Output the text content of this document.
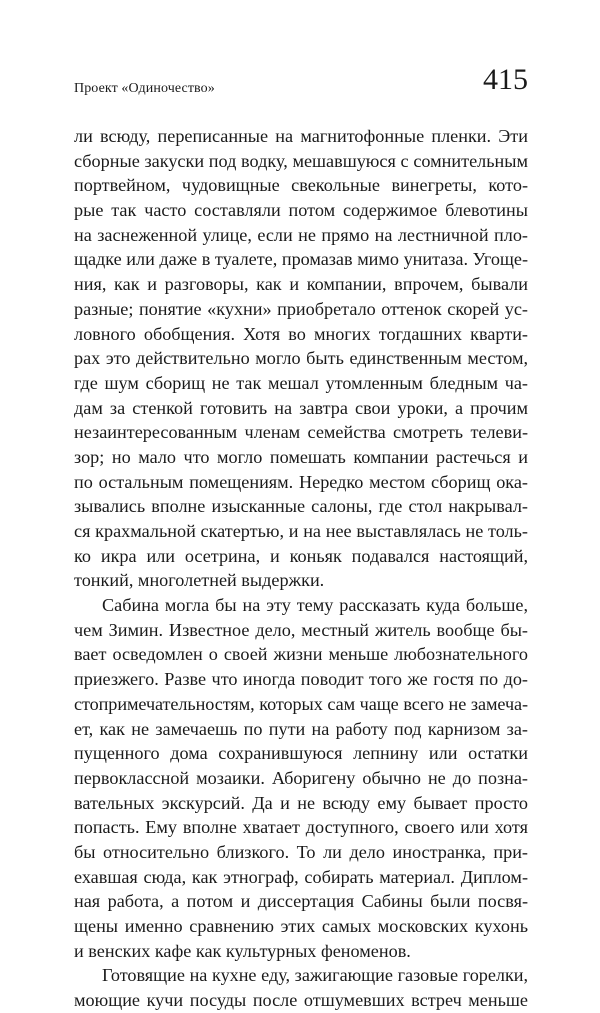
Проект «Одиночество»	415
ли всюду, переписанные на магнитофонные пленки. Эти
сборные закуски под водку, мешавшуюся с сомнительным
портвейном, чудовищные свекольные винегреты, кото-
рые так часто составляли потом содержимое блевотины
на заснеженной улице, если не прямо на лестничной пло-
щадке или даже в туалете, промазав мимо унитаза. Угоще-
ния, как и разговоры, как и компании, впрочем, бывали
разные; понятие «кухни» приобретало оттенок скорей ус-
ловного обобщения. Хотя во многих тогдашних кварти-
рах это действительно могло быть единственным местом,
где шум сборищ не так мешал утомленным бледным ча-
дам за стенкой готовить на завтра свои уроки, а прочим
незаинтересованным членам семейства смотреть телеви-
зор; но мало что могло помешать компании растечься и
по остальным помещениям. Нередко местом сборищ ока-
зывались вполне изысканные салоны, где стол накрывал-
ся крахмальной скатертью, и на нее выставлялась не толь-
ко икра или осетрина, и коньяк подавался настоящий,
тонкий, многолетней выдержки.
Сабина могла бы на эту тему рассказать куда больше,
чем Зимин. Известное дело, местный житель вообще бы-
вает осведомлен о своей жизни меньше любознательного
приезжего. Разве что иногда поводит того же гостя по до-
стопримечательностям, которых сам чаще всего не замеча-
ет, как не замечаешь по пути на работу под карнизом за-
пущенного дома сохранившуюся лепнину или остатки
первоклассной мозаики. Аборигену обычно не до позна-
вательных экскурсий. Да и не всюду ему бывает просто
попасть. Ему вполне хватает доступного, своего или хотя
бы относительно близкого. То ли дело иностранка, при-
ехавшая сюда, как этнограф, собирать материал. Диплом-
ная работа, а потом и диссертация Сабины были посвя-
щены именно сравнению этих самых московских кухонь
и венских кафе как культурных феноменов.
Готовящие на кухне еду, зажигающие газовые горелки,
моющие кучи посуды после отшумевших встреч меньше
